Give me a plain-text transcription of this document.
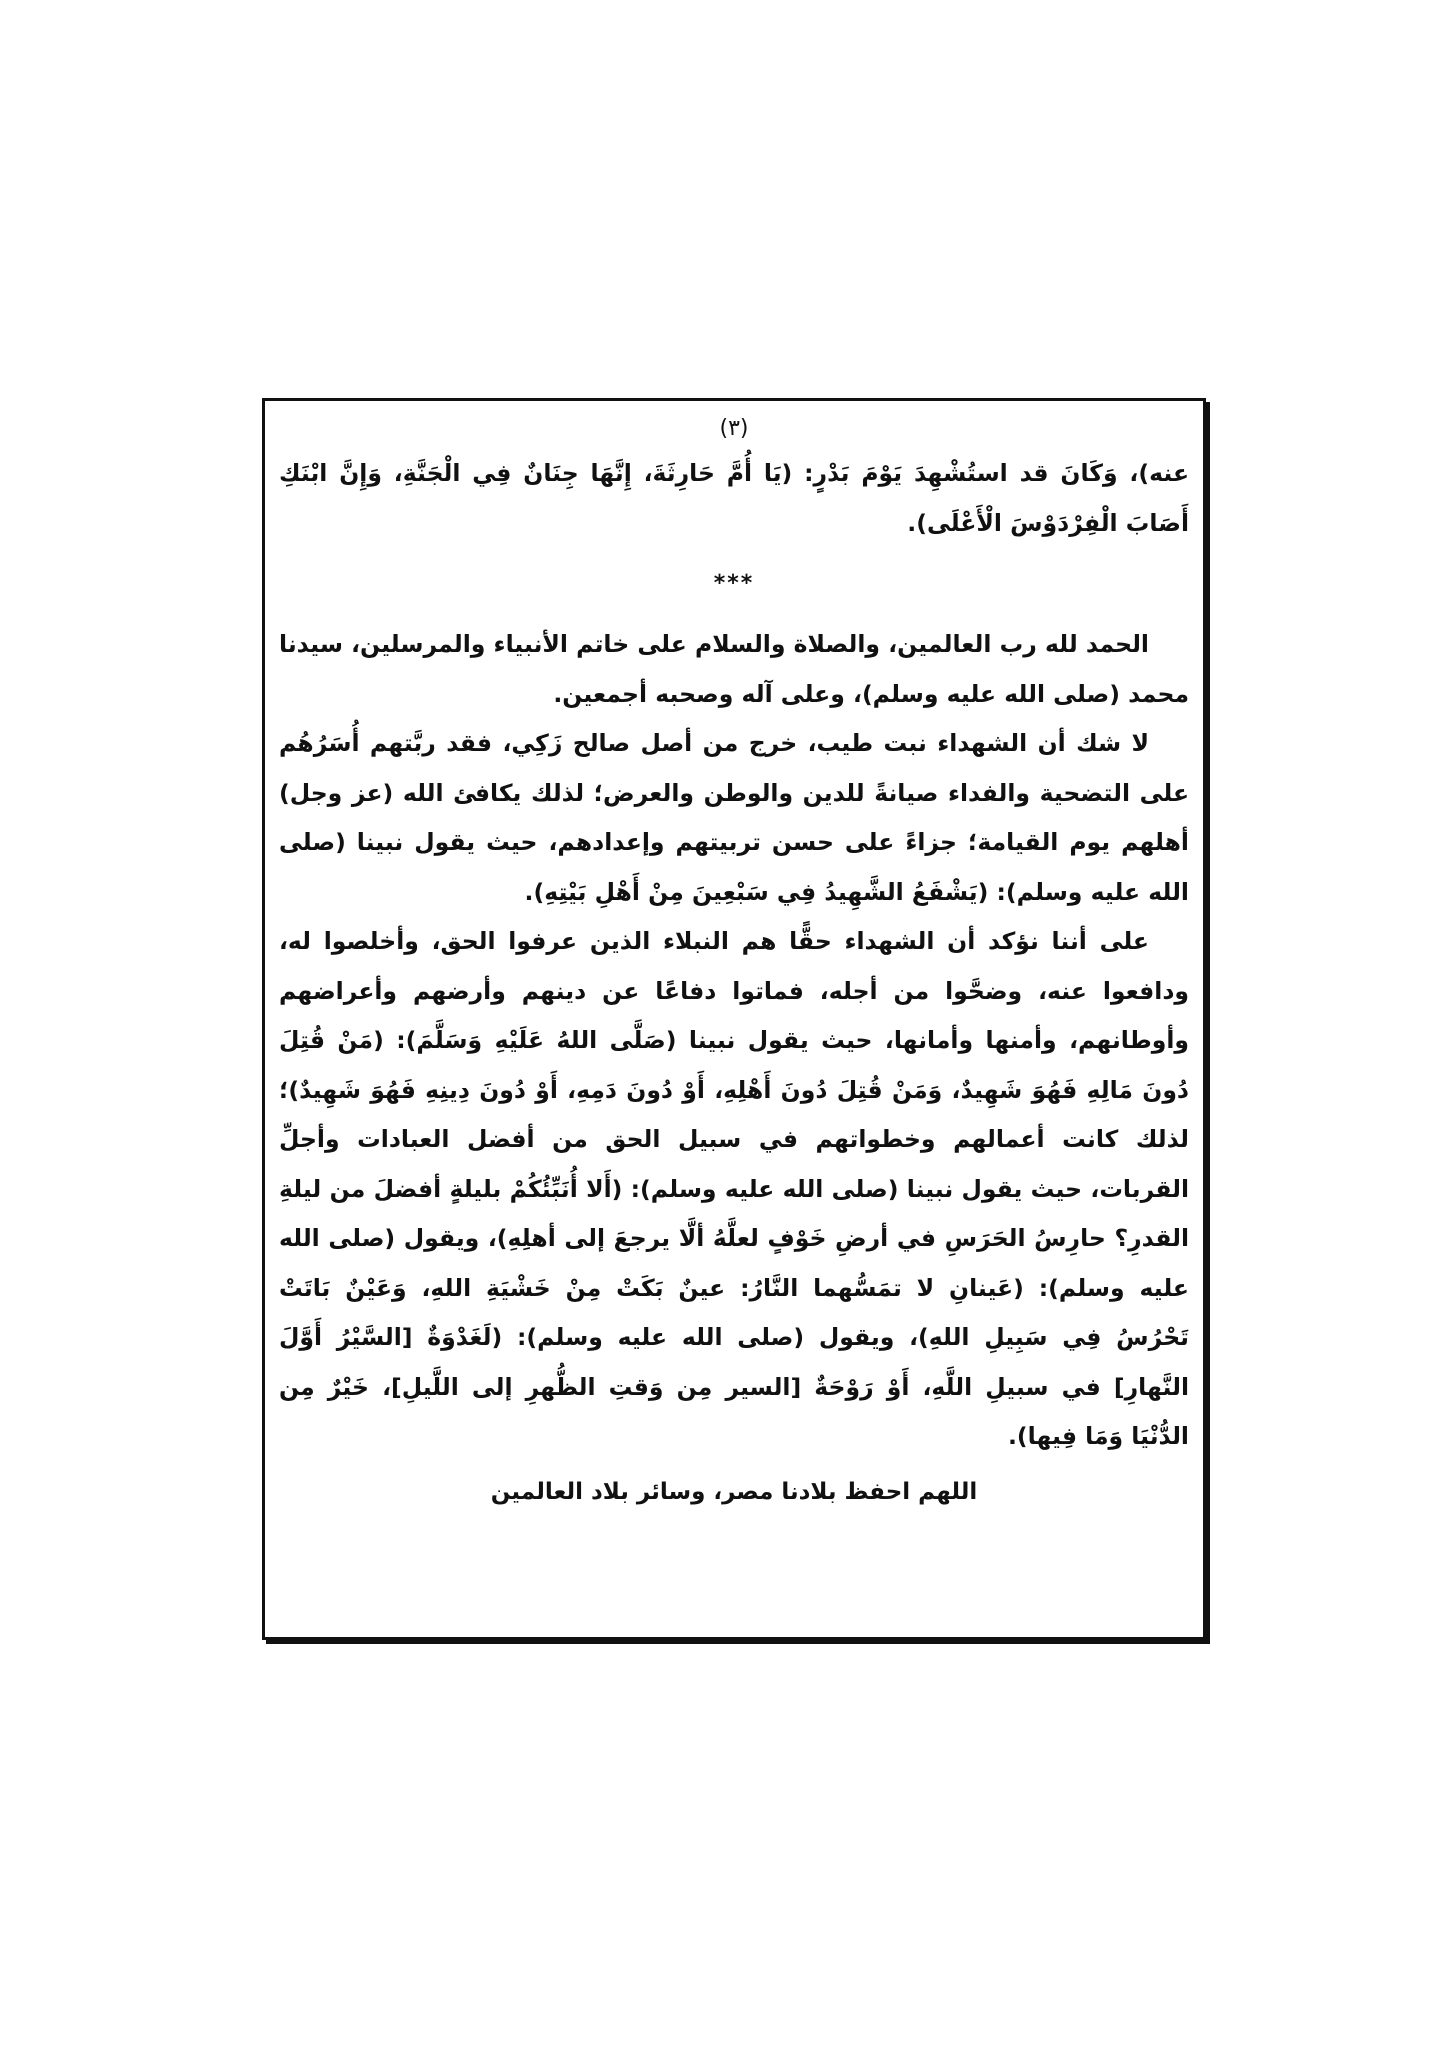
(٣)

عنه)، وَكَانَ قد استُشْهِدَ يَوْمَ بَدْرٍ: (يَا أُمَّ حَارِثَةَ، إِنَّهَا جِنَانٌ فِي الْجَنَّةِ، وَإِنَّ ابْنَكِ أَصَابَ الْفِرْدَوْسَ الْأَعْلَى).

***

الحمد لله رب العالمين، والصلاة والسلام على خاتم الأنبياء والمرسلين، سيدنا محمد (صلى الله عليه وسلم)، وعلى آله وصحبه أجمعين.

لا شك أن الشهداء نبت طيب، خرج من أصل صالح زَكِي، فقد ربَّتهم أُسَرُهُم على التضحية والفداء صيانةً للدين والوطن والعرض؛ لذلك يكافئ الله (عز وجل) أهلهم يوم القيامة؛ جزاءً على حسن تربيتهم وإعدادهم، حيث يقول نبينا (صلى الله عليه وسلم): (يَشْفَعُ الشَّهِيدُ فِي سَبْعِينَ مِنْ أَهْلِ بَيْتِهِ).

على أننا نؤكد أن الشهداء حقًّا هم النبلاء الذين عرفوا الحق، وأخلصوا له، ودافعوا عنه، وضحَّوا من أجله، فماتوا دفاعًا عن دينهم وأرضهم وأعراضهم وأوطانهم، وأمنها وأمانها، حيث يقول نبينا (صَلَّى اللهُ عَلَيْهِ وَسَلَّمَ): (مَنْ قُتِلَ دُونَ مَالِهِ فَهُوَ شَهِيدٌ، وَمَنْ قُتِلَ دُونَ أَهْلِهِ، أَوْ دُونَ دَمِهِ، أَوْ دُونَ دِينِهِ فَهُوَ شَهِيدٌ)؛ لذلك كانت أعمالهم وخطواتهم في سبيل الحق من أفضل العبادات وأجلِّ القربات، حيث يقول نبينا (صلى الله عليه وسلم): (أَلا أُنَبِّئُكُمْ بليلةٍ أفضلَ من ليلةِ القدرِ؟ حارِسُ الحَرَسِ في أرضِ خَوْفٍ لعلَّهُ ألَّا يرجعَ إلى أهلِهِ)، ويقول (صلى الله عليه وسلم): (عَينانِ لا تمَسُّهما النَّارُ: عينٌ بَكَتْ مِنْ خَشْيَةِ اللهِ، وَعَيْنٌ بَاتَتْ تَحْرُسُ فِي سَبِيلِ اللهِ)، ويقول (صلى الله عليه وسلم): (لَغَدْوَةٌ [السَّيْرُ أَوَّلَ النَّهارِ] في سبيلِ اللَّهِ، أَوْ رَوْحَةٌ [السير مِن وَقتِ الظُّهرِ إلى اللَّيلِ]، خَيْرٌ مِن الدُّنْيَا وَمَا فِيها).

اللهم احفظ بلادنا مصر، وسائر بلاد العالمين
